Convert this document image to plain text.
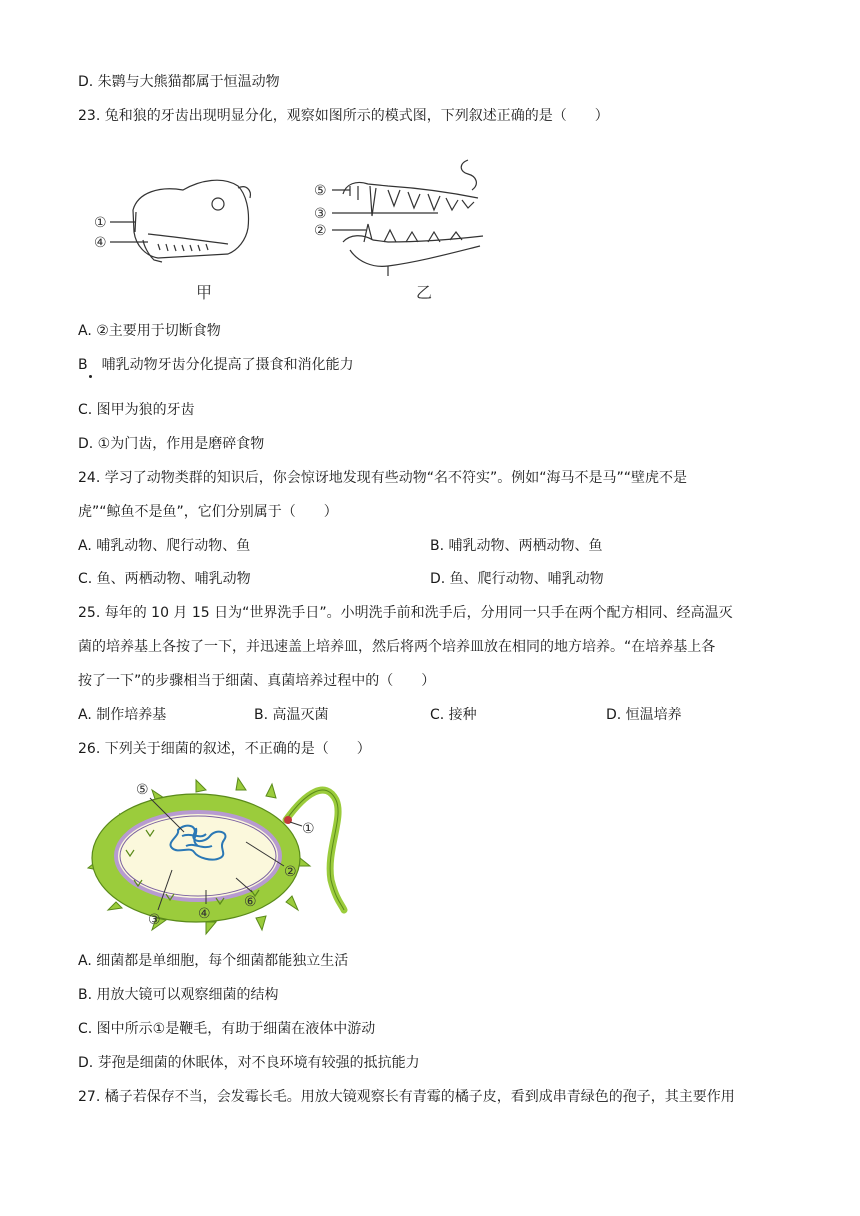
D. 朱鹮与大熊猫都属于恒温动物
23. 兔和狼的牙齿出现明显分化，观察如图所示的模式图，下列叙述正确的是（　　）
①
④
⑤
③
②
甲	乙
A. ②主要用于切断食物
B　哺乳动物牙齿分化提高了摄食和消化能力
C. 图甲为狼的牙齿
D. ①为门齿，作用是磨碎食物
24. 学习了动物类群的知识后，你会惊讶地发现有些动物“名不符实”。例如“海马不是马”“壁虎不是
虎”“鲸鱼不是鱼”，它们分别属于（　　）
A. 哺乳动物、爬行动物、鱼	B. 哺乳动物、两栖动物、鱼
C. 鱼、两栖动物、哺乳动物	D. 鱼、爬行动物、哺乳动物
25. 每年的 10 月 15 日为“世界洗手日”。小明洗手前和洗手后，分用同一只手在两个配方相同、经高温灭
菌的培养基上各按了一下，并迅速盖上培养皿，然后将两个培养皿放在相同的地方培养。“在培养基上各
按了一下”的步骤相当于细菌、真菌培养过程中的（　　）
A. 制作培养基	B. 高温灭菌	C. 接种	D. 恒温培养
26. 下列关于细菌的叙述，不正确的是（　　）
⑤
①
②
③	④
⑥
A. 细菌都是单细胞，每个细菌都能独立生活
B. 用放大镜可以观察细菌的结构
C. 图中所示①是鞭毛，有助于细菌在液体中游动
D. 芽孢是细菌的休眠体，对不良环境有较强的抵抗能力
27. 橘子若保存不当，会发霉长毛。用放大镜观察长有青霉的橘子皮，看到成串青绿色的孢子，其主要作用
